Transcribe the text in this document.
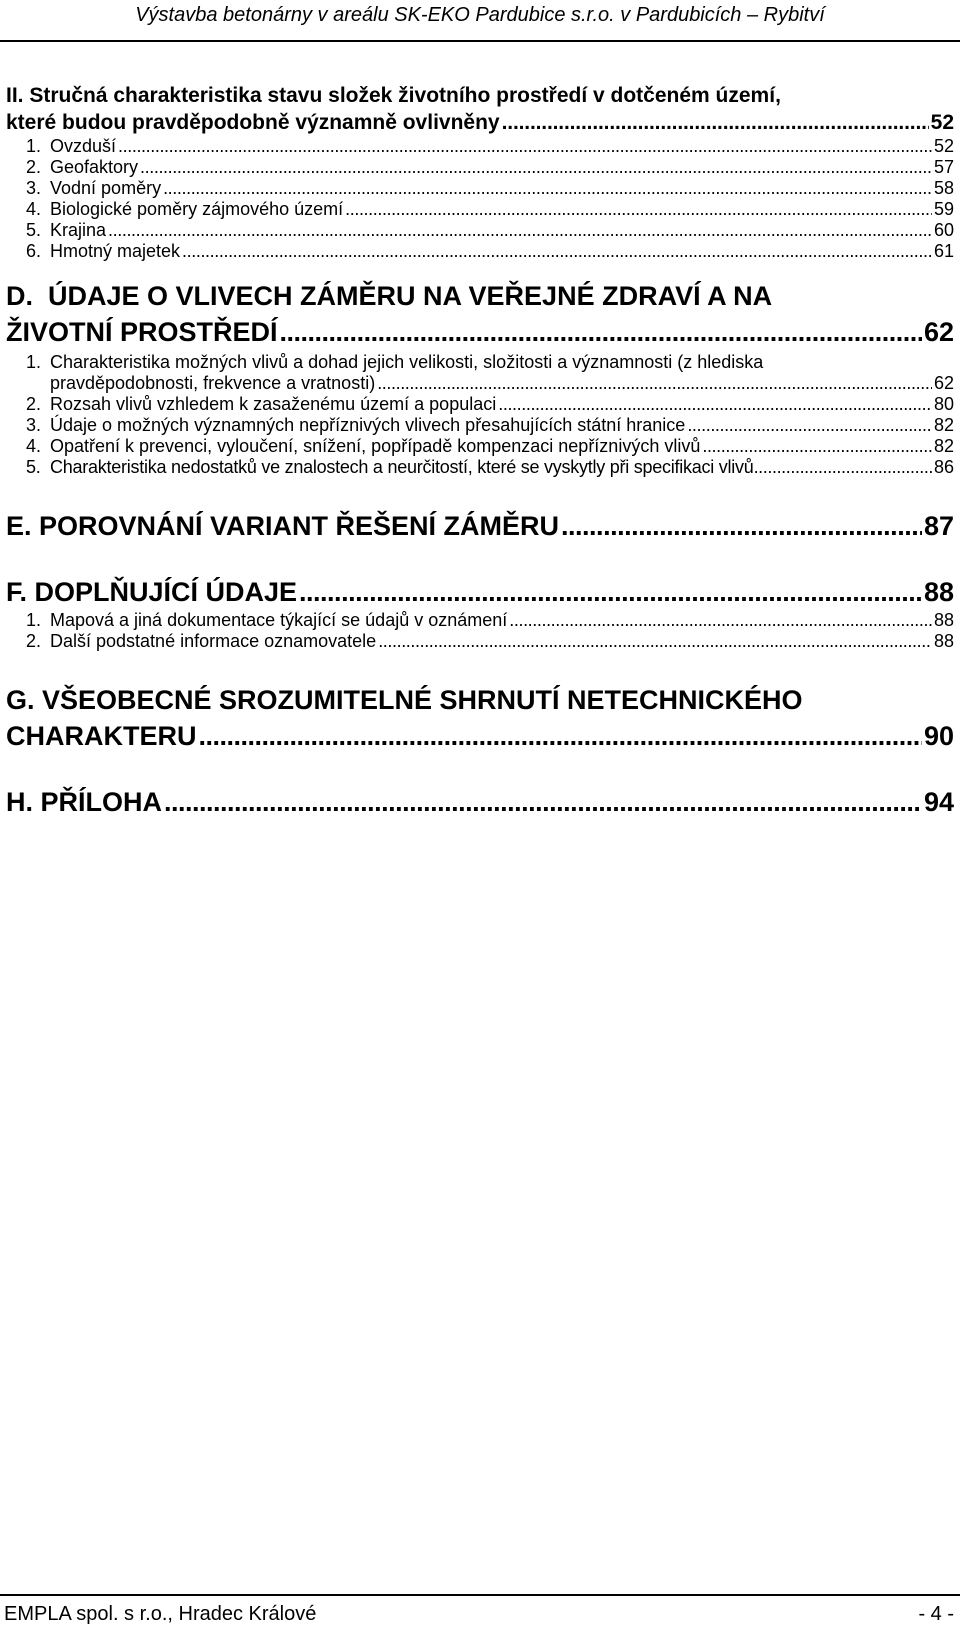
Výstavba betonárny v areálu SK-EKO Pardubice s.r.o. v Pardubicích – Rybitví
II. Stručná charakteristika stavu složek životního prostředí v dotčeném území,
které budou pravděpodobně významně ovlivněny . . .	52
1. Ovzduší . . .	52
2. Geofaktory . . .	57
3. Vodní poměry . . .	58
4. Biologické poměry zájmového území . . .	59
5. Krajina . . .	60
6. Hmotný majetek . . .	61
D.  ÚDAJE O VLIVECH ZÁMĚRU NA VEŘEJNÉ ZDRAVÍ A NA
ŽIVOTNÍ PROSTŘEDÍ . . .	62
1. Charakteristika možných vlivů a dohad jejich velikosti, složitosti a významnosti (z hlediska
pravděpodobnosti, frekvence a vratnosti) . . .	62
2. Rozsah vlivů vzhledem k zasaženému území a populaci . . .	80
3. Údaje o možných významných nepříznivých vlivech přesahujících státní hranice . . .	82
4. Opatření k prevenci, vyloučení, snížení, popřípadě kompenzaci nepříznivých vlivů . . .	82
5. Charakteristika nedostatků ve znalostech a neurčitostí, které se vyskytly při specifikaci vlivů . . .	86
E. POROVNÁNÍ VARIANT ŘEŠENÍ ZÁMĚRU . . .	87
F. DOPLŇUJÍCÍ ÚDAJE . . .	88
1. Mapová a jiná dokumentace týkající se údajů v oznámení . . .	88
2. Další podstatné informace oznamovatele . . .	88
G. VŠEOBECNÉ SROZUMITELNÉ SHRNUTÍ NETECHNICKÉHO
CHARAKTERU . . .	90
H. PŘÍLOHA . . .	94
EMPLA spol. s r.o., Hradec Králové	- 4 -
